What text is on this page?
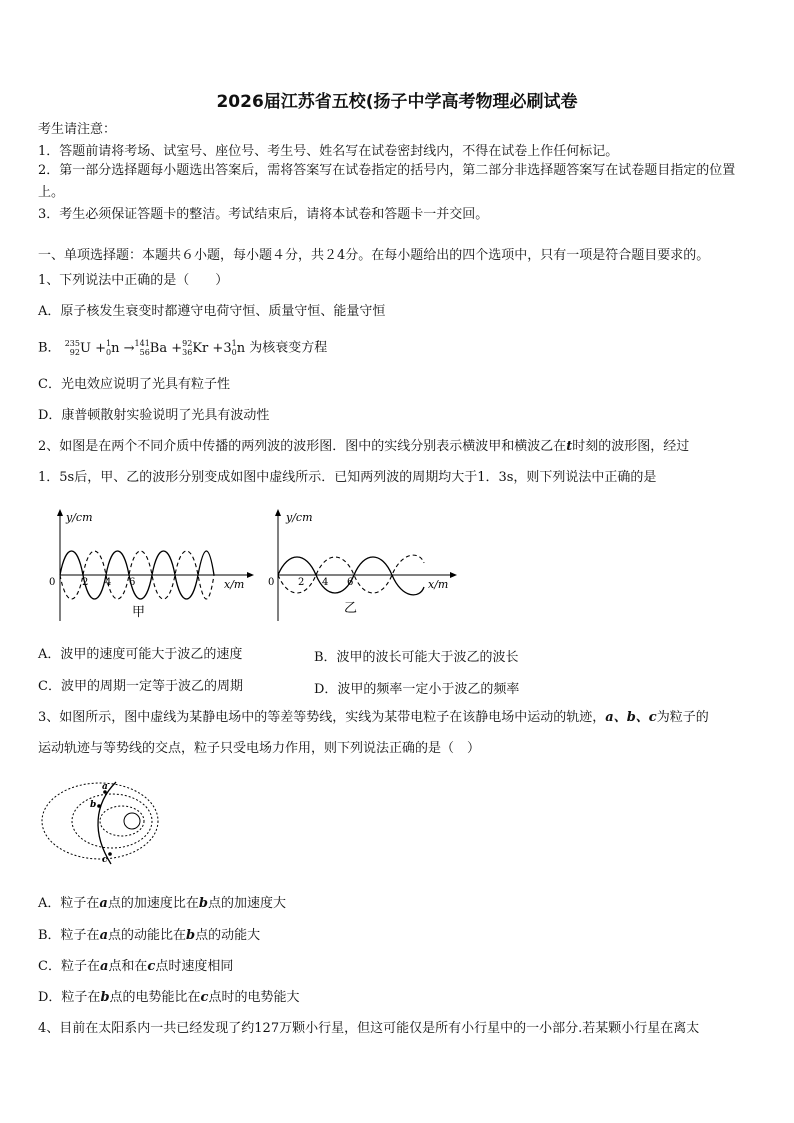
2026届江苏省五校(扬子中学高考物理必刷试卷
考生请注意：
1．答题前请将考场、试室号、座位号、考生号、姓名写在试卷密封线内，不得在试卷上作任何标记。
2．第一部分选择题每小题选出答案后，需将答案写在试卷指定的括号内，第二部分非选择题答案写在试卷题目指定的位置上。
3．考生必须保证答题卡的整洁。考试结束后，请将本试卷和答题卡一并交回。
一、单项选择题：本题共６小题，每小题４分，共２4分。在每小题给出的四个选项中，只有一项是符合题目要求的。
1、下列说法中正确的是（　　）
A．原子核发生衰变时都遵守电荷守恒、质量守恒、能量守恒
B． 235
92 U + 1
0 n → 141
56 Ba + 92
36 Kr +3 1
0 n 为核衰变方程
C．光电效应说明了光具有粒子性
D．康普顿散射实验说明了光具有波动性
2、如图是在两个不同介质中传播的两列波的波形图．图中的实线分别表示横波甲和横波乙在t时刻的波形图，经过
1．5s后，甲、乙的波形分别变成如图中虚线所示．已知两列波的周期均大于1．3s，则下列说法中正确的是
y/cm
0	2 4 6	x/m
甲
y/cm
0 2 4 6	x/m
乙
A．波甲的速度可能大于波乙的速度	B．波甲的波长可能大于波乙的波长
C．波甲的周期一定等于波乙的周期	D．波甲的频率一定小于波乙的频率
3、如图所示，图中虚线为某静电场中的等差等势线，实线为某带电粒子在该静电场中运动的轨迹，a、b、c为粒子的
运动轨迹与等势线的交点，粒子只受电场力作用，则下列说法正确的是（　）
a
b
c
A．粒子在a点的加速度比在b点的加速度大
B．粒子在a点的动能比在b点的动能大
C．粒子在a点和在c点时速度相同
D．粒子在b点的电势能比在c点时的电势能大
4、目前在太阳系内一共已经发现了约127万颗小行星，但这可能仅是所有小行星中的一小部分.若某颗小行星在离太
